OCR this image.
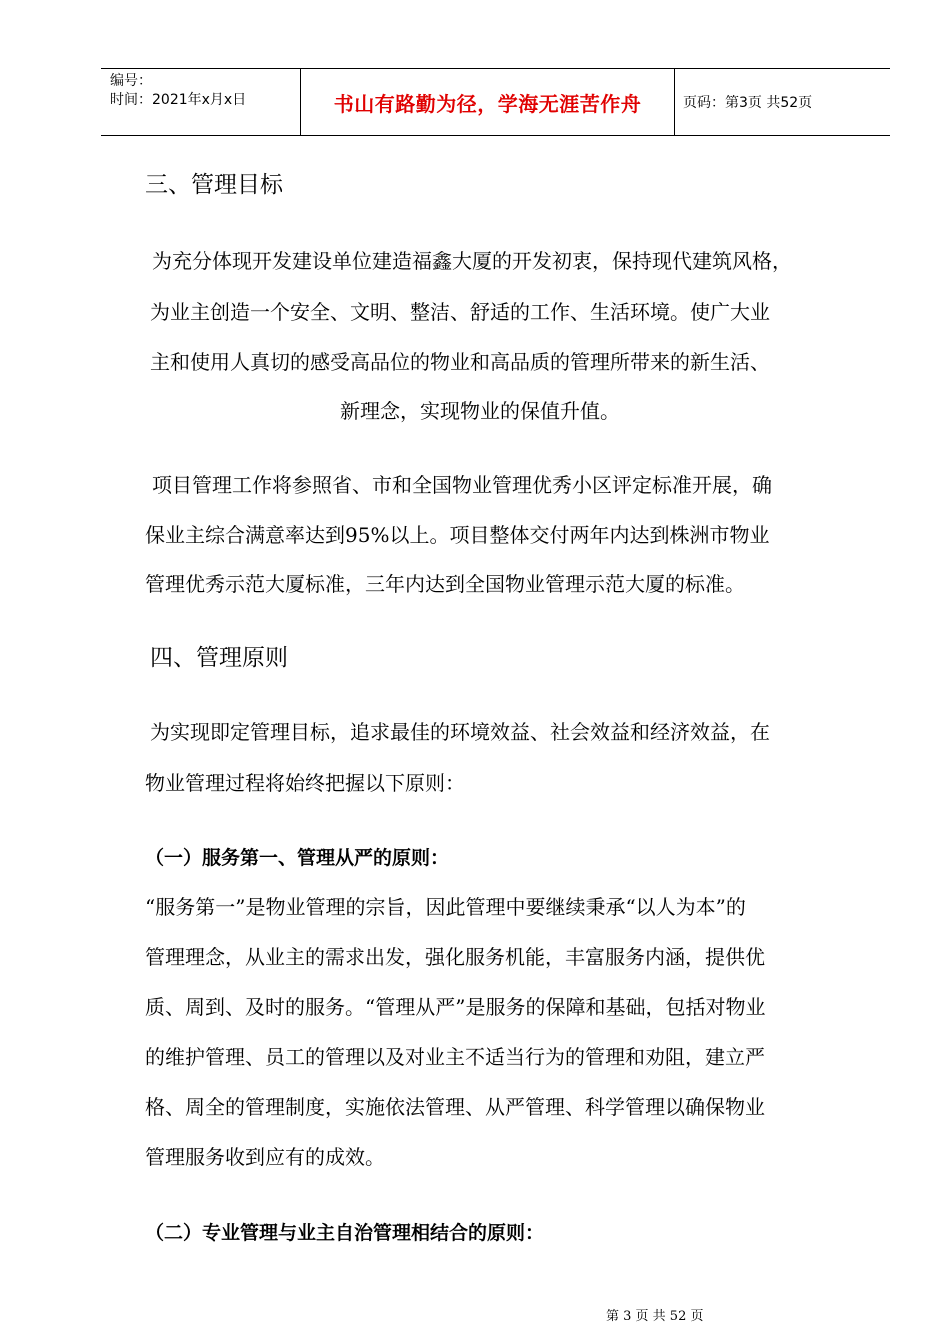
编号：
时间：2021年x月x日	书山有路勤为径，学海无涯苦作舟	页码：第3页 共52页
三、管理目标
为充分体现开发建设单位建造福鑫大厦的开发初衷，保持现代建筑风格，
为业主创造一个安全、文明、整洁、舒适的工作、生活环境。使广大业
主和使用人真切的感受高品位的物业和高品质的管理所带来的新生活、
新理念，实现物业的保值升值。
项目管理工作将参照省、市和全国物业管理优秀小区评定标准开展，确
保业主综合满意率达到95%以上。项目整体交付两年内达到株洲市物业
管理优秀示范大厦标准，三年内达到全国物业管理示范大厦的标准。
四、管理原则
为实现即定管理目标，追求最佳的环境效益、社会效益和经济效益，在
物业管理过程将始终把握以下原则：
（一）服务第一、管理从严的原则：
“服务第一”是物业管理的宗旨，因此管理中要继续秉承“以人为本”的
管理理念，从业主的需求出发，强化服务机能，丰富服务内涵，提供优
质、周到、及时的服务。“管理从严”是服务的保障和基础，包括对物业
的维护管理、员工的管理以及对业主不适当行为的管理和劝阻，建立严
格、周全的管理制度，实施依法管理、从严管理、科学管理以确保物业
管理服务收到应有的成效。
（二）专业管理与业主自治管理相结合的原则：
第 3 页 共 52 页
